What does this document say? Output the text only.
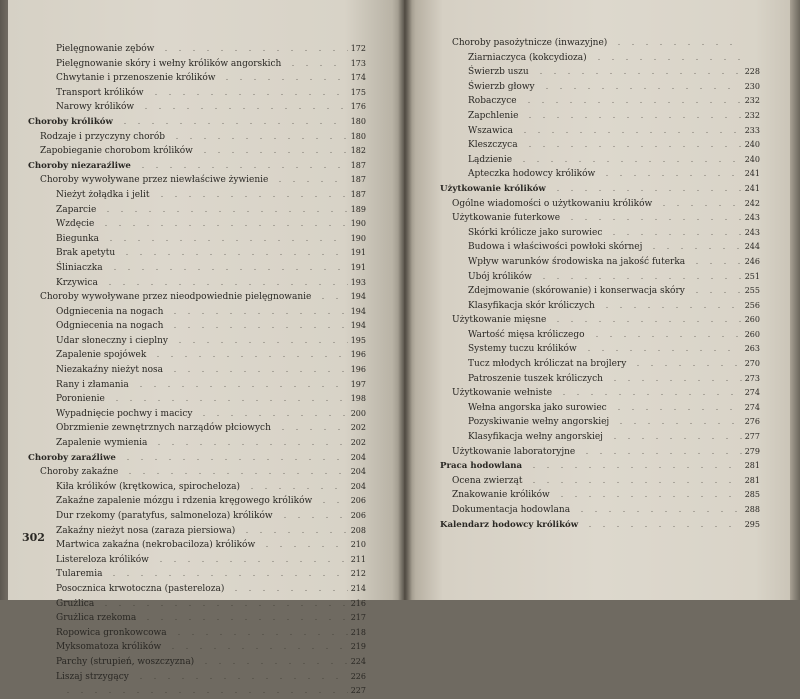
Pielęgnowanie zębów	172
Pielęgnowanie skóry i wełny królików angorskich	173
Chwytanie i przenoszenie królików	174
Transport królików	175
Narowy królików	176
Choroby królików	180
Rodzaje i przyczyny chorób	180
Zapobieganie chorobom królików	182
Choroby niezaraźliwe	187
Choroby wywoływane przez niewłaściwe żywienie	187
Nieżyt żołądka i jelit	187
Zaparcie	189
Wzdęcie	190
Biegunka	190
Brak apetytu	191
Śliniaczka	191
Krzywica	193
Choroby wywoływane przez nieodpowiednie pielęgnowanie	194
Odgniecenia na nogach	194
Odgniecenia na nogach	194
Udar słoneczny i cieplny	195
Zapalenie spojówek	196
Niezakaźny nieżyt nosa	196
Rany i złamania	197
Poronienie	198
Wypadnięcie pochwy i macicy	200
Obrzmienie zewnętrznych narządów płciowych	202
Zapalenie wymienia	202
Choroby zaraźliwe	204
Choroby zakaźne	204
Kiła królików (krętkowica, spirocheloza)	204
Zakaźne zapalenie mózgu i rdzenia kręgowego królików	206
Dur rzekomy (paratyfus, salmoneloza) królików	206
Zakaźny nieżyt nosa (zaraza piersiowa)	208
Martwica zakaźna (nekrobaciloza) królików	210
Listereloza królików	211
Tularemia	212
Posocznica krwotoczna (pastereloza)	214
Grużlica	216
Grużlica rzekoma	217
Ropowica gronkowcowa	218
Myksomatoza królików	219
Parchy (strupień, woszczyzna)	224
Liszaj strzygący	226
227
Choroby pasożytnicze (inwazyjne)
Ziarniaczyca (kokcydioza)
Świerzb uszu	228
Świerzb głowy	230
Robaczyce	232
Zapchlenie	232
Wszawica	233
Kleszczyca	240
Lądzienie	240
Apteczka hodowcy królików	241
Użytkowanie królików	241
Ogólne wiadomości o użytkowaniu królików	242
Użytkowanie futerkowe	243
Skórki królicze jako surowiec	243
Budowa i właściwości powłoki skórnej	244
Wpływ warunków środowiska na jakość futerka	246
Ubój królików	251
Zdejmowanie (skórowanie) i konserwacja skóry	255
Klasyfikacja skór króliczych	256
Użytkowanie mięsne	260
Wartość mięsa króliczego	260
Systemy tuczu królików	263
Tucz młodych króliczat na brojlery	270
Patroszenie tuszek króliczych	273
Użytkowanie wełniste	274
Wełna angorska jako surowiec	274
Pozyskiwanie wełny angorskiej	276
Klasyfikacja wełny angorskiej	277
Użytkowanie laboratoryjne	279
Praca hodowlana	281
Ocena zwierząt	281
Znakowanie królików	285
Dokumentacja hodowlana	288
Kalendarz hodowcy królików	295
302
